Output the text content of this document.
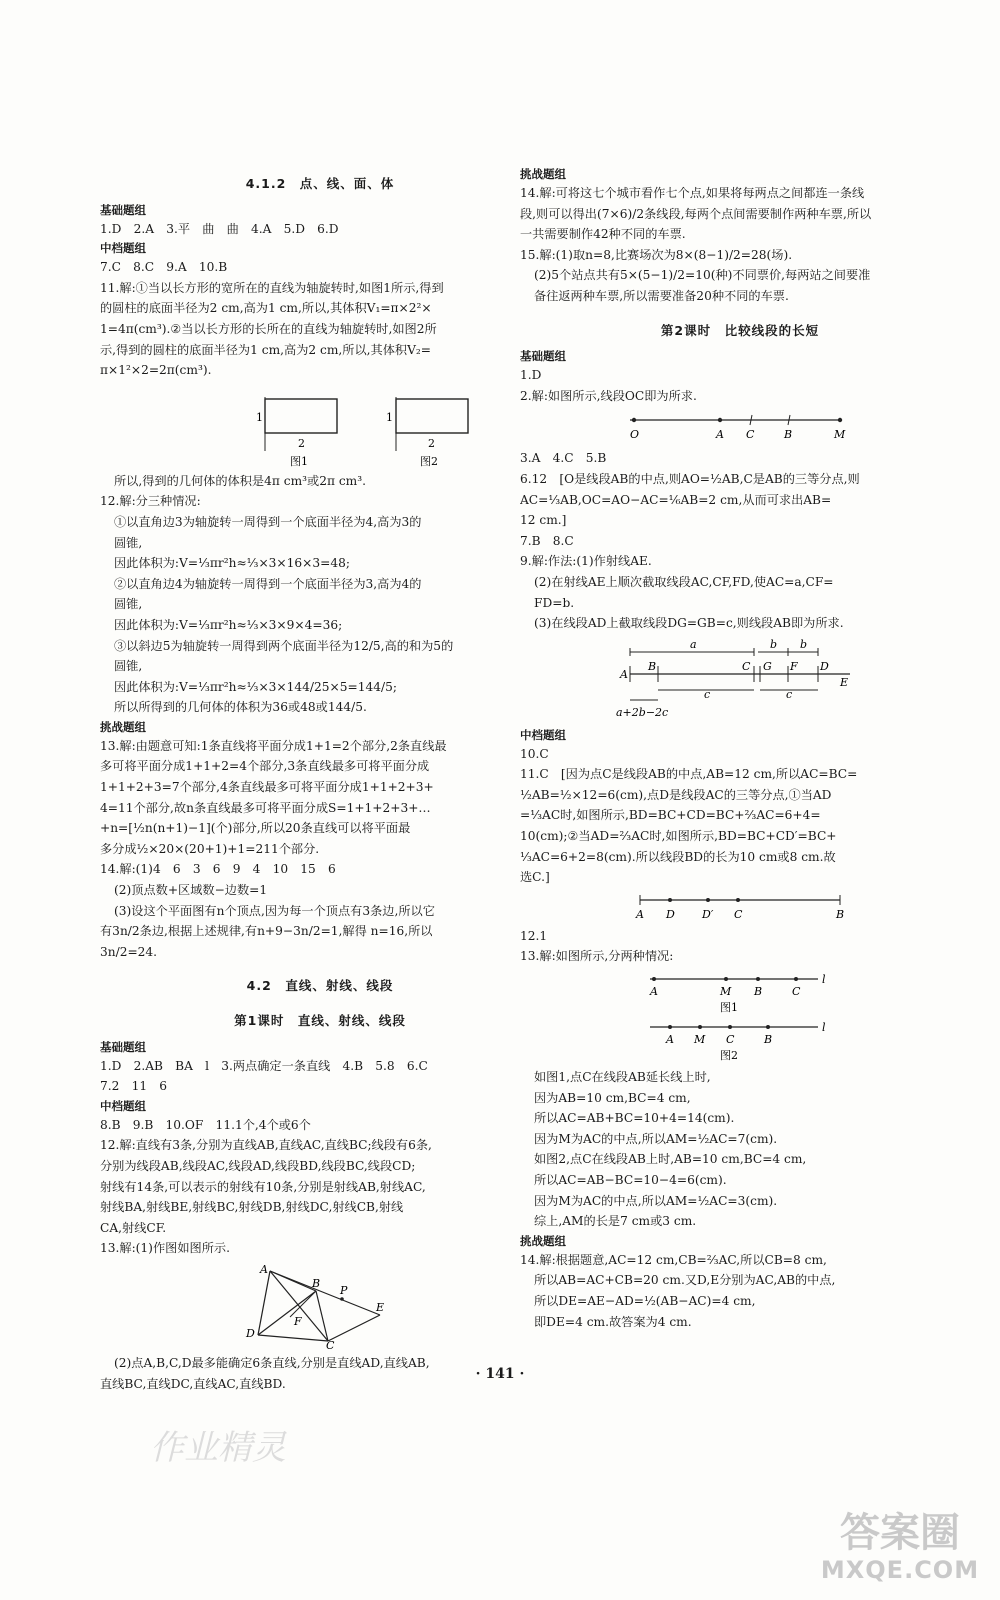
4.1.2　点、线、面、体
基础题组
1.D　2.A　3.平　曲　曲　4.A　5.D　6.D
中档题组
7.C　8.C　9.A　10.B
11.解:①当以长方形的宽所在的直线为轴旋转时,如图1所示,得到
的圆柱的底面半径为2 cm,高为1 cm,所以,其体积V₁=π×2²×
1=4π(cm³).②当以长方形的长所在的直线为轴旋转时,如图2所
示,得到的圆柱的底面半径为1 cm,高为2 cm,所以,其体积V₂=
π×1²×2=2π(cm³).
1
2
图1
1
2
图2
所以,得到的几何体的体积是4π cm³或2π cm³.
12.解:分三种情况:
①以直角边3为轴旋转一周得到一个底面半径为4,高为3的
圆锥,
因此体积为:V=⅓πr²h≈⅓×3×16×3=48;
②以直角边4为轴旋转一周得到一个底面半径为3,高为4的
圆锥,
因此体积为:V=⅓πr²h≈⅓×3×9×4=36;
③以斜边5为轴旋转一周得到两个底面半径为12/5,高的和为5的
圆锥,
因此体积为:V=⅓πr²h≈⅓×3×144/25×5=144/5;
所以所得到的几何体的体积为36或48或144/5.
挑战题组
13.解:由题意可知:1条直线将平面分成1+1=2个部分,2条直线最
多可将平面分成1+1+2=4个部分,3条直线最多可将平面分成
1+1+2+3=7个部分,4条直线最多可将平面分成1+1+2+3+
4=11个部分,故n条直线最多可将平面分成S=1+1+2+3+…
+n=[½n(n+1)−1](个)部分,所以20条直线可以将平面最
多分成½×20×(20+1)+1=211个部分.
14.解:(1)4　6　3　6　9　4　10　15　6
(2)顶点数+区域数−边数=1
(3)设这个平面图有n个顶点,因为每一个顶点有3条边,所以它
有3n/2条边,根据上述规律,有n+9−3n/2=1,解得 n=16,所以
3n/2=24.
4.2　直线、射线、线段
第1课时　直线、射线、线段
基础题组
1.D　2.AB　BA　l　3.两点确定一条直线　4.B　5.8　6.C
7.2　11　6
中档题组
8.B　9.B　10.OF　11.1个,4个或6个
12.解:直线有3条,分别为直线AB,直线AC,直线BC;线段有6条,
分别为线段AB,线段AC,线段AD,线段BD,线段BC,线段CD;
射线有14条,可以表示的射线有10条,分别是射线AB,射线AC,
射线BA,射线BE,射线BC,射线DB,射线DC,射线CB,射线
CA,射线CF.
13.解:(1)作图如图所示.
A
B
P
E
F
D
C
(2)点A,B,C,D最多能确定6条直线,分别是直线AD,直线AB,
直线BC,直线DC,直线AC,直线BD.
挑战题组
14.解:可将这七个城市看作七个点,如果将每两点之间都连一条线
段,则可以得出(7×6)/2条线段,每两个点间需要制作两种车票,所以
一共需要制作42种不同的车票.
15.解:(1)取n=8,比赛场次为8×(8−1)/2=28(场).
(2)5个站点共有5×(5−1)/2=10(种)不同票价,每两站之间要准
备往返两种车票,所以需要准备20种不同的车票.
第2课时　比较线段的长短
基础题组
1.D
2.解:如图所示,线段OC即为所求.
O	A C	B	M
3.A　4.C　5.B
6.12　[O是线段AB的中点,则AO=½AB,C是AB的三等分点,则
AC=⅓AB,OC=AO−AC=⅙AB=2 cm,从而可求出AB=
12 cm.]
7.B　8.C
9.解:作法:(1)作射线AE.
(2)在射线AE上顺次截取线段AC,CF,FD,使AC=a,CF=
FD=b.
(3)在线段AD上截取线段DG=GB=c,则线段AB即为所求.
a	b b
A
B	C G F D
E
c	c
a+2b−2c
中档题组
10.C
11.C　[因为点C是线段AB的中点,AB=12 cm,所以AC=BC=
½AB=½×12=6(cm),点D是线段AC的三等分点,①当AD
=⅓AC时,如图所示,BD=BC+CD=BC+⅔AC=6+4=
10(cm);②当AD=⅔AC时,如图所示,BD=BC+CD′=BC+
⅓AC=6+2=8(cm).所以线段BD的长为10 cm或8 cm.故
选C.]
A D D′ C	B
12.1
13.解:如图所示,分两种情况:
l
A	M B	C
图1
l
A M C	B
图2
如图1,点C在线段AB延长线上时,
因为AB=10 cm,BC=4 cm,
所以AC=AB+BC=10+4=14(cm).
因为M为AC的中点,所以AM=½AC=7(cm).
如图2,点C在线段AB上时,AB=10 cm,BC=4 cm,
所以AC=AB−BC=10−4=6(cm).
因为M为AC的中点,所以AM=½AC=3(cm).
综上,AM的长是7 cm或3 cm.
挑战题组
14.解:根据题意,AC=12 cm,CB=⅔AC,所以CB=8 cm,
所以AB=AC+CB=20 cm.又D,E分别为AC,AB的中点,
所以DE=AE−AD=½(AB−AC)=4 cm,
即DE=4 cm.故答案为4 cm.
· 141 ·
作业精灵
答案圈
MXQE.COM
